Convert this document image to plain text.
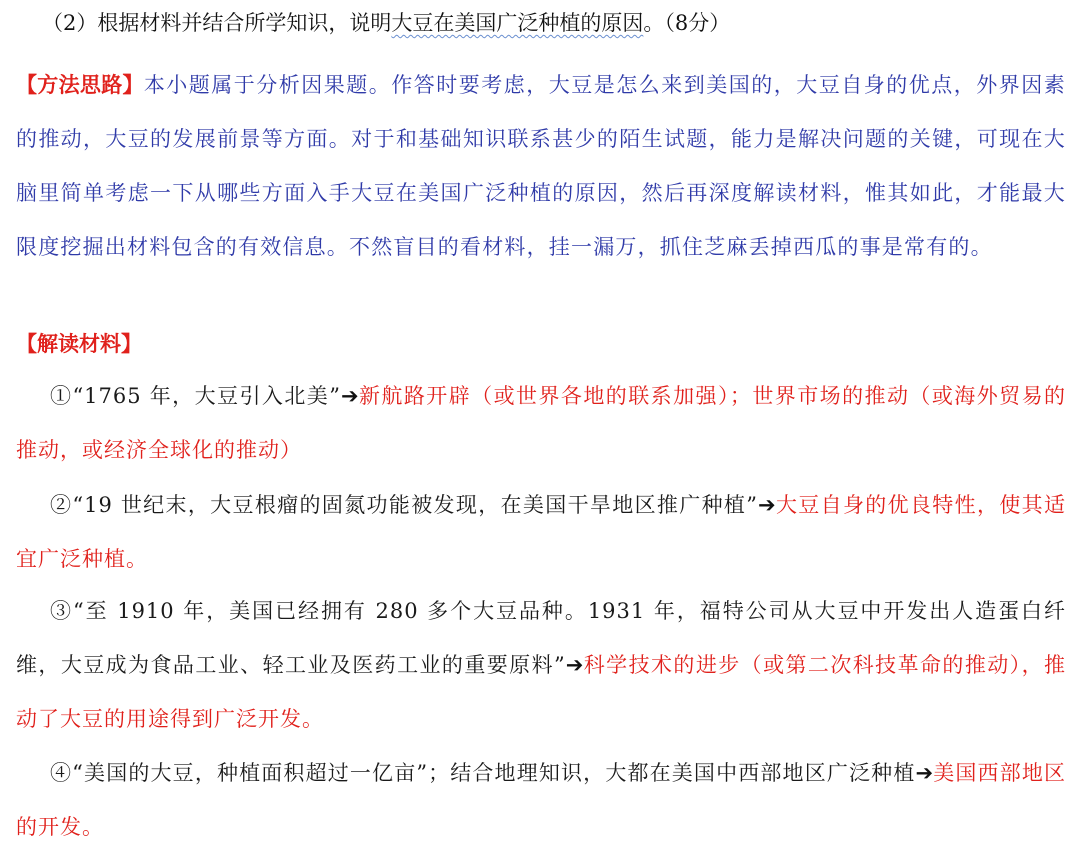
（2）根据材料并结合所学知识，说明大豆在美国广泛种植的原因。（8分）
【方法思路】本小题属于分析因果题。作答时要考虑，大豆是怎么来到美国的，大豆自身的优点，外界因素的推动，大豆的发展前景等方面。对于和基础知识联系甚少的陌生试题，能力是解决问题的关键，可现在大脑里简单考虑一下从哪些方面入手大豆在美国广泛种植的原因，然后再深度解读材料，惟其如此，才能最大限度挖掘出材料包含的有效信息。不然盲目的看材料，挂一漏万，抓住芝麻丢掉西瓜的事是常有的。
【解读材料】
①“1765 年，大豆引入北美”➔新航路开辟（或世界各地的联系加强）；世界市场的推动（或海外贸易的推动，或经济全球化的推动）
②“19 世纪末，大豆根瘤的固氮功能被发现，在美国干旱地区推广种植”➔大豆自身的优良特性，使其适宜广泛种植。
③“至 1910 年，美国已经拥有 280 多个大豆品种。1931 年，福特公司从大豆中开发出人造蛋白纤维，大豆成为食品工业、轻工业及医药工业的重要原料”➔科学技术的进步（或第二次科技革命的推动），推动了大豆的用途得到广泛开发。
④“美国的大豆，种植面积超过一亿亩”；结合地理知识，大都在美国中西部地区广泛种植➔美国西部地区的开发。
